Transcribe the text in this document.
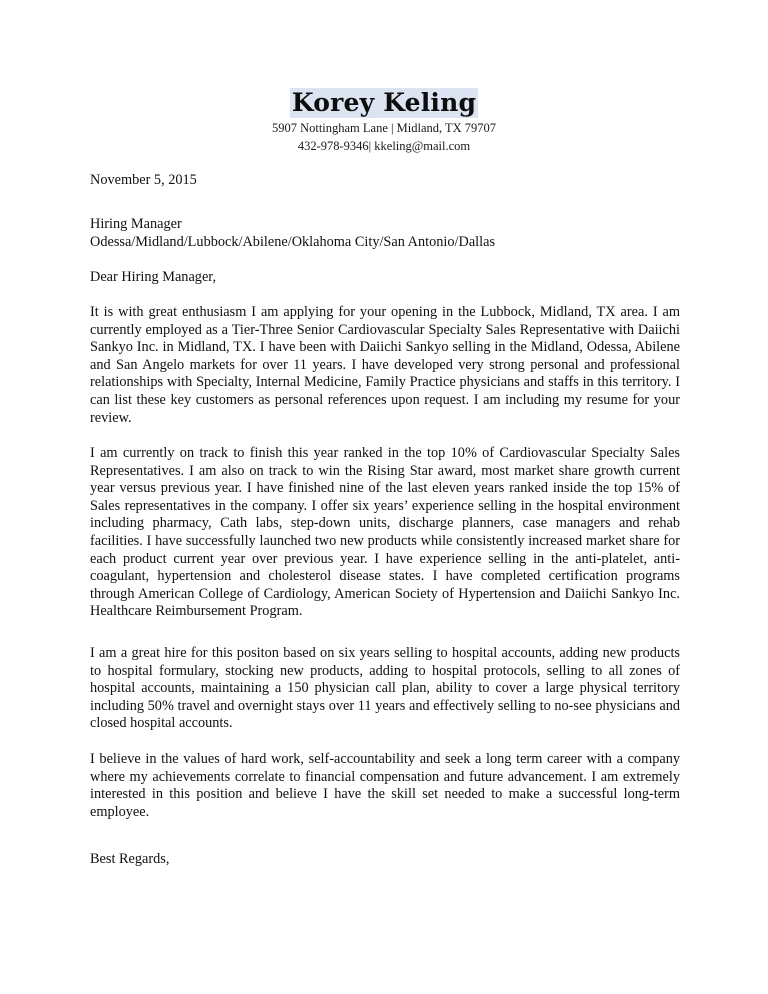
Korey Keling
5907 Nottingham Lane | Midland, TX 79707
432-978-9346| kkeling@mail.com
November 5, 2015
Hiring Manager
Odessa/Midland/Lubbock/Abilene/Oklahoma City/San Antonio/Dallas
Dear Hiring Manager,

It is with great enthusiasm I am applying for your opening in the Lubbock, Midland, TX area. I am currently employed as a Tier-Three Senior Cardiovascular Specialty Sales Representative with Daiichi Sankyo Inc. in Midland, TX. I have been with Daiichi Sankyo selling in the Midland, Odessa, Abilene and San Angelo markets for over 11 years. I have developed very strong personal and professional relationships with Specialty, Internal Medicine, Family Practice physicians and staffs in this territory. I can list these key customers as personal references upon request. I am including my resume for your review.

I am currently on track to finish this year ranked in the top 10% of Cardiovascular Specialty Sales Representatives. I am also on track to win the Rising Star award, most market share growth current year versus previous year. I have finished nine of the last eleven years ranked inside the top 15% of Sales representatives in the company. I offer six years’ experience selling in the hospital environment including pharmacy, Cath labs, step-down units, discharge planners, case managers and rehab facilities. I have successfully launched two new products while consistently increased market share for each product current year over previous year. I have experience selling in the anti-platelet, anti-coagulant, hypertension and cholesterol disease states. I have completed certification programs through American College of Cardiology, American Society of Hypertension and Daiichi Sankyo Inc. Healthcare Reimbursement Program.

I am a great hire for this positon based on six years selling to hospital accounts, adding new products to hospital formulary, stocking new products, adding to hospital protocols, selling to all zones of hospital accounts, maintaining a 150 physician call plan, ability to cover a large physical territory including 50% travel and overnight stays over 11 years and effectively selling to no-see physicians and closed hospital accounts.

I believe in the values of hard work, self-accountability and seek a long term career with a company where my achievements correlate to financial compensation and future advancement. I am extremely interested in this position and believe I have the skill set needed to make a successful long-term employee.

Best Regards,
